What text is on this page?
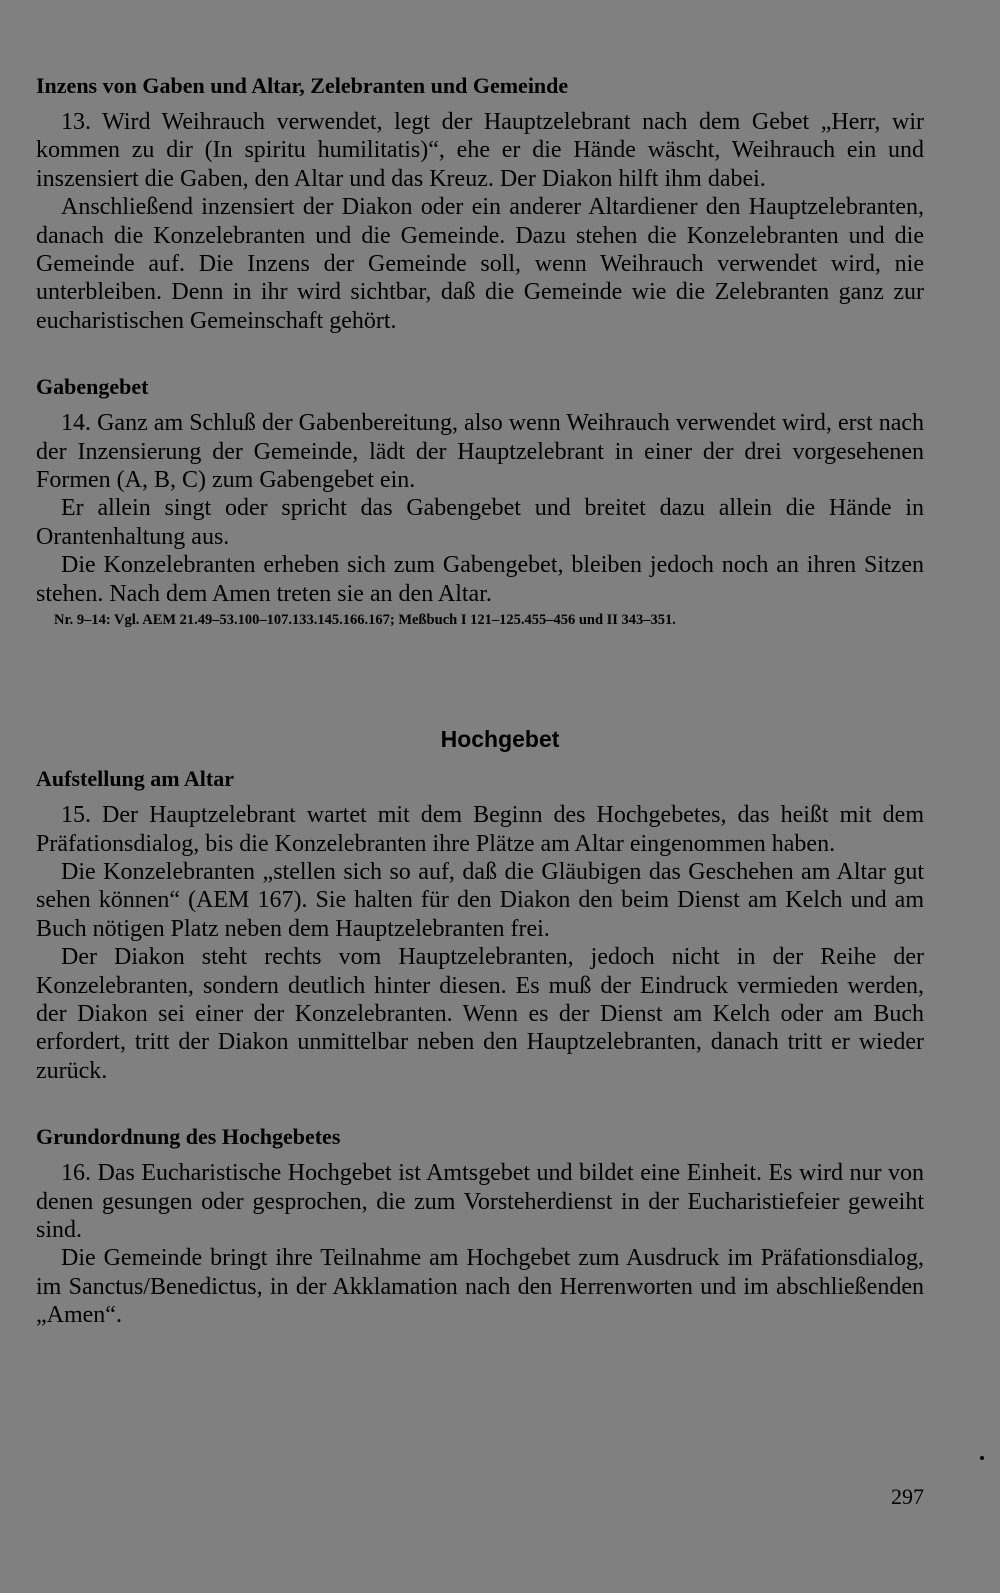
Inzens von Gaben und Altar, Zelebranten und Gemeinde

13. Wird Weihrauch verwendet, legt der Hauptzelebrant nach dem Gebet „Herr, wir kommen zu dir (In spiritu humilitatis)“, ehe er die Hände wäscht, Weihrauch ein und inszensiert die Gaben, den Altar und das Kreuz. Der Diakon hilft ihm dabei.

Anschließend inzensiert der Diakon oder ein anderer Altardiener den Hauptzelebranten, danach die Konzelebranten und die Gemeinde. Dazu stehen die Konzelebranten und die Gemeinde auf. Die Inzens der Gemeinde soll, wenn Weihrauch verwendet wird, nie unterbleiben. Denn in ihr wird sichtbar, daß die Gemeinde wie die Zelebranten ganz zur eucharistischen Gemeinschaft gehört.

Gabengebet

14. Ganz am Schluß der Gabenbereitung, also wenn Weihrauch verwendet wird, erst nach der Inzensierung der Gemeinde, lädt der Hauptzelebrant in einer der drei vorgesehenen Formen (A, B, C) zum Gabengebet ein.

Er allein singt oder spricht das Gabengebet und breitet dazu allein die Hände in Orantenhaltung aus.

Die Konzelebranten erheben sich zum Gabengebet, bleiben jedoch noch an ihren Sitzen stehen. Nach dem Amen treten sie an den Altar.

Nr. 9–14: Vgl. AEM 21.49–53.100–107.133.145.166.167; Meßbuch I 121–125.455–456 und II 343–351.
Hochgebet
Aufstellung am Altar

15. Der Hauptzelebrant wartet mit dem Beginn des Hochgebetes, das heißt mit dem Präfationsdialog, bis die Konzelebranten ihre Plätze am Altar eingenommen haben.

Die Konzelebranten „stellen sich so auf, daß die Gläubigen das Geschehen am Altar gut sehen können“ (AEM 167). Sie halten für den Diakon den beim Dienst am Kelch und am Buch nötigen Platz neben dem Hauptzelebranten frei.

Der Diakon steht rechts vom Hauptzelebranten, jedoch nicht in der Reihe der Konzelebranten, sondern deutlich hinter diesen. Es muß der Eindruck vermieden werden, der Diakon sei einer der Konzelebranten. Wenn es der Dienst am Kelch oder am Buch erfordert, tritt der Diakon unmittelbar neben den Hauptzelebranten, danach tritt er wieder zurück.

Grundordnung des Hochgebetes

16. Das Eucharistische Hochgebet ist Amtsgebet und bildet eine Einheit. Es wird nur von denen gesungen oder gesprochen, die zum Vorsteherdienst in der Eucharistiefeier geweiht sind.

Die Gemeinde bringt ihre Teilnahme am Hochgebet zum Ausdruck im Präfationsdialog, im Sanctus/Benedictus, in der Akklamation nach den Herrenworten und im abschließenden „Amen“.

297
